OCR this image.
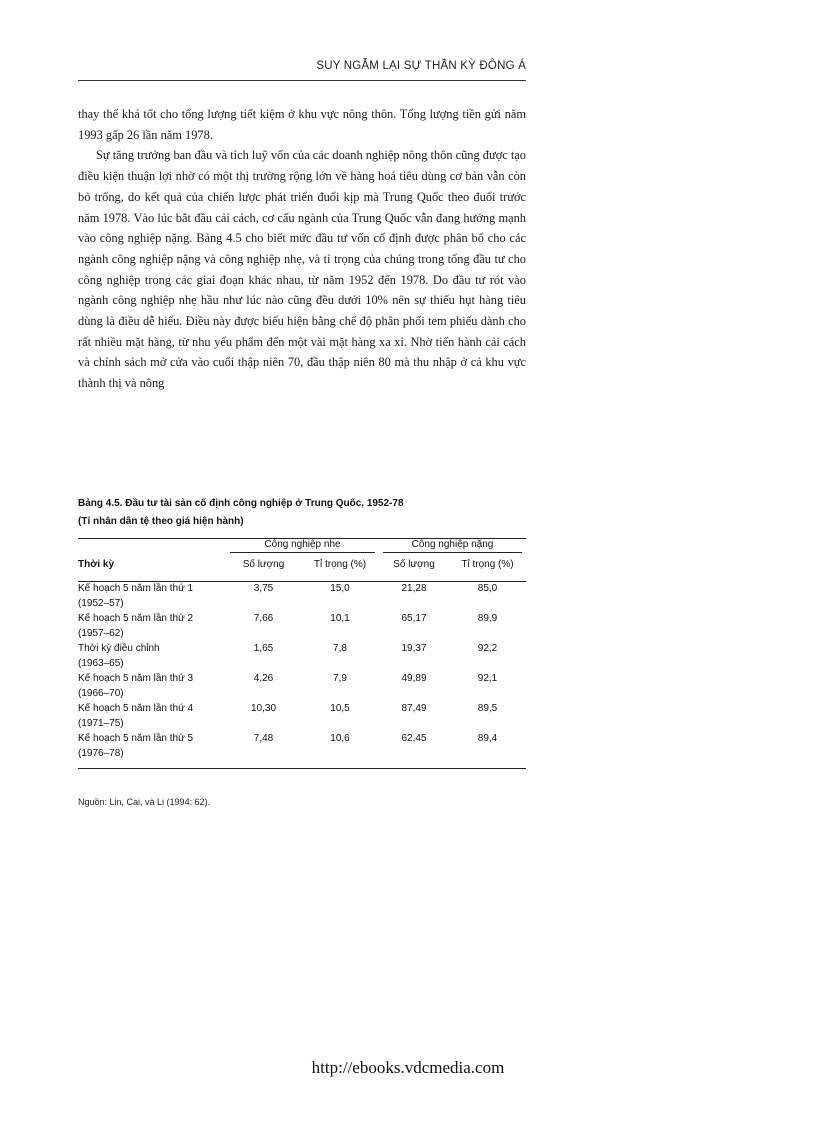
SUY NGẪM LẠI SỰ THẦN KỲ ĐÔNG Á

thay thế khá tốt cho tổng lượng tiết kiệm ở khu vực nông thôn. Tổng lượng tiền gửi năm 1993 gấp 26 lần năm 1978.

Sự tăng trưởng ban đầu và tích luỹ vốn của các doanh nghiệp nông thôn cũng được tạo điều kiện thuận lợi nhờ có một thị trường rộng lớn về hàng hoá tiêu dùng cơ bản vẫn còn bỏ trống, do kết quả của chiến lược phát triển đuổi kịp mà Trung Quốc theo đuổi trước năm 1978. Vào lúc bắt đầu cải cách, cơ cấu ngành của Trung Quốc vẫn đang hướng mạnh vào công nghiệp nặng. Bảng 4.5 cho biết mức đầu tư vốn cố định được phân bổ cho các ngành công nghiệp nặng và công nghiệp nhẹ, và tỉ trọng của chúng trong tổng đầu tư cho công nghiệp trong các giai đoạn khác nhau, từ năm 1952 đến 1978. Do đầu tư rót vào ngành công nghiệp nhẹ hầu như lúc nào cũng đều dưới 10% nên sự thiếu hụt hàng tiêu dùng là điều dễ hiểu. Điều này được biểu hiện bằng chế độ phân phối tem phiếu dành cho rất nhiều mặt hàng, từ nhu yếu phẩm đến một vài mặt hàng xa xỉ. Nhờ tiến hành cải cách và chính sách mở cửa vào cuối thập niên 70, đầu thập niên 80 mà thu nhập ở cả khu vực thành thị và nông

Bảng 4.5. Đầu tư tài sản cố định công nghiệp ở Trung Quốc, 1952-78
(Tỉ nhân dân tệ theo giá hiện hành)
	Công nghiệp nhẹ		Công nghiệp nặng	

Thời kỳ	Số lượng	Tỉ trọng (%)	Số lượng	Tỉ trọng (%)

Kế hoạch 5 năm lần thứ 1
(1952–57)	3,75	15,0	21,28	85,0

Kế hoạch 5 năm lần thứ 2
(1957–62)	7,66	10,1	65,17	89,9

Thời kỳ điều chỉnh
(1963–65)	1,65	7,8	19,37	92,2

Kế hoạch 5 năm lần thứ 3
(1966–70)	4,26	7,9	49,89	92,1

Kế hoạch 5 năm lần thứ 4
(1971–75)	10,30	10,5	87,49	89,5

Kế hoạch 5 năm lần thứ 5
(1976–78)	7,48	10,6	62,45	89,4

Nguồn: Lin, Cai, và Li (1994: 62).
http://ebooks.vdcmedia.com
